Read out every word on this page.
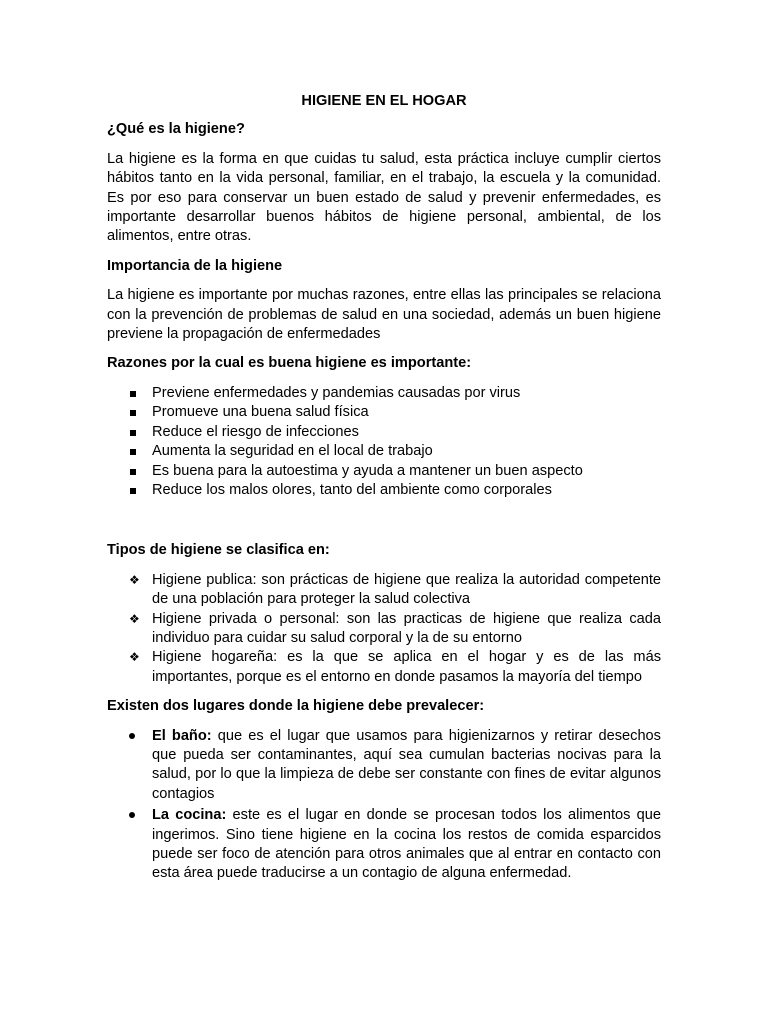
HIGIENE EN EL HOGAR
¿Qué es la higiene?

La higiene es la forma en que cuidas tu salud, esta práctica incluye cumplir ciertos hábitos tanto en la vida personal, familiar, en el trabajo, la escuela y la comunidad. Es por eso para conservar un buen estado de salud y prevenir enfermedades, es importante desarrollar buenos hábitos de higiene personal, ambiental, de los alimentos, entre otras.

Importancia de la higiene

La higiene es importante por muchas razones, entre ellas las principales se relaciona con la prevención de problemas de salud en una sociedad, además un buen higiene previene la propagación de enfermedades

Razones por la cual es buena higiene es importante:
Previene enfermedades y pandemias causadas por virus
Promueve una buena salud física
Reduce el riesgo de infecciones
Aumenta la seguridad en el local de trabajo
Es buena para la autoestima y ayuda a mantener un buen aspecto
Reduce los malos olores, tanto del ambiente como corporales
Tipos de higiene se clasifica en:
❖ Higiene publica: son prácticas de higiene que realiza la autoridad competente de una población para proteger la salud colectiva
❖ Higiene privada o personal: son las practicas de higiene que realiza cada individuo para cuidar su salud corporal y la de su entorno
❖ Higiene hogareña: es la que se aplica en el hogar y es de las más importantes, porque es el entorno en donde pasamos la mayoría del tiempo
Existen dos lugares donde la higiene debe prevalecer:
El baño: que es el lugar que usamos para higienizarnos y retirar desechos que pueda ser contaminantes, aquí sea cumulan bacterias nocivas para la salud, por lo que la limpieza de debe ser constante con fines de evitar algunos contagios
La cocina: este es el lugar en donde se procesan todos los alimentos que ingerimos. Sino tiene higiene en la cocina los restos de comida esparcidos puede ser foco de atención para otros animales que al entrar en contacto con esta área puede traducirse a un contagio de alguna enfermedad.
